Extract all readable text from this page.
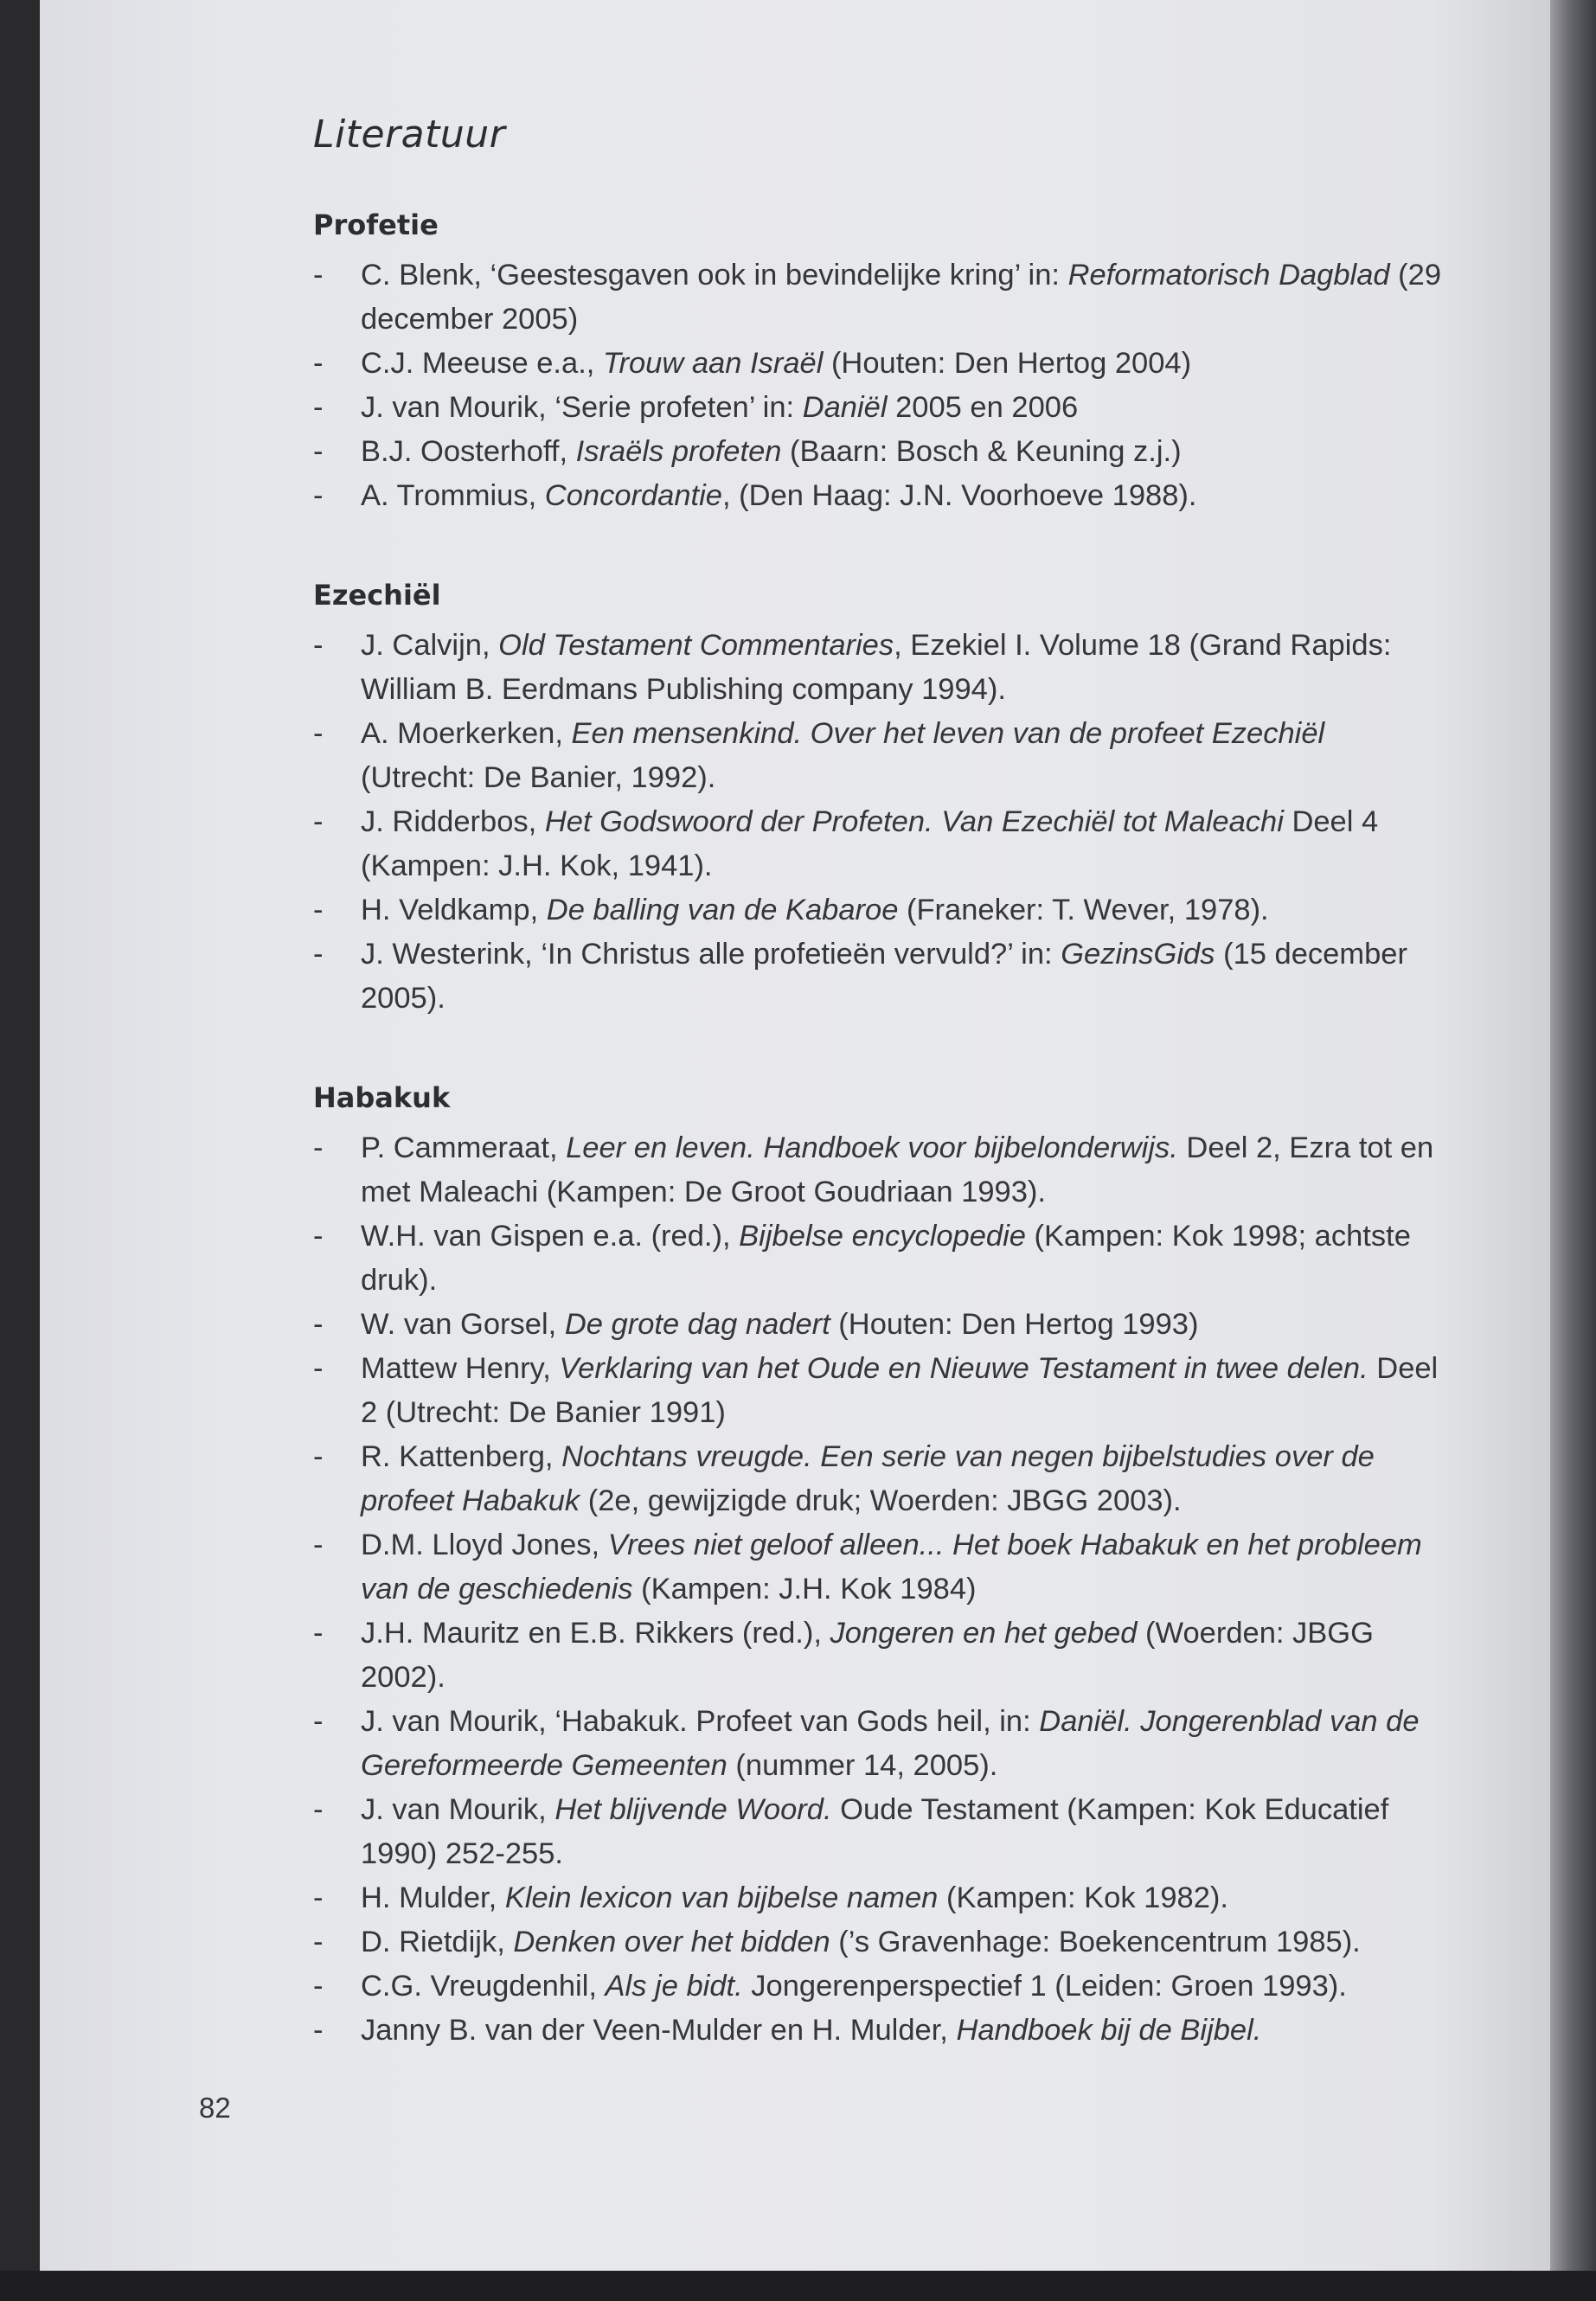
Literatuur
Profetie
- C. Blenk, ‘Geestesgaven ook in bevindelijke kring’ in: Reformatorisch Dagblad (29 december 2005)
- C.J. Meeuse e.a., Trouw aan Israël (Houten: Den Hertog 2004)
- J. van Mourik, ‘Serie profeten’ in: Daniël 2005 en 2006
- B.J. Oosterhoff, Israëls profeten (Baarn: Bosch & Keuning z.j.)
- A. Trommius, Concordantie, (Den Haag: J.N. Voorhoeve 1988).
Ezechiël
- J. Calvijn, Old Testament Commentaries, Ezekiel I. Volume 18 (Grand Rapids: William B. Eerdmans Publishing company 1994).
- A. Moerkerken, Een mensenkind. Over het leven van de profeet Ezechiël (Utrecht: De Banier, 1992).
- J. Ridderbos, Het Godswoord der Profeten. Van Ezechiël tot Maleachi Deel 4 (Kampen: J.H. Kok, 1941).
- H. Veldkamp, De balling van de Kabaroe (Franeker: T. Wever, 1978).
- J. Westerink, ‘In Christus alle profetieën vervuld?’ in: GezinsGids (15 december 2005).
Habakuk
- P. Cammeraat, Leer en leven. Handboek voor bijbelonderwijs. Deel 2, Ezra tot en met Maleachi (Kampen: De Groot Goudriaan 1993).
- W.H. van Gispen e.a. (red.), Bijbelse encyclopedie (Kampen: Kok 1998; achtste druk).
- W. van Gorsel, De grote dag nadert (Houten: Den Hertog 1993)
- Mattew Henry, Verklaring van het Oude en Nieuwe Testament in twee delen. Deel 2 (Utrecht: De Banier 1991)
- R. Kattenberg, Nochtans vreugde. Een serie van negen bijbelstudies over de profeet Habakuk (2e, gewijzigde druk; Woerden: JBGG 2003).
- D.M. Lloyd Jones, Vrees niet geloof alleen... Het boek Habakuk en het probleem van de geschiedenis (Kampen: J.H. Kok 1984)
- J.H. Mauritz en E.B. Rikkers (red.), Jongeren en het gebed (Woerden: JBGG 2002).
- J. van Mourik, ‘Habakuk. Profeet van Gods heil, in: Daniël. Jongerenblad van de Gereformeerde Gemeenten (nummer 14, 2005).
- J. van Mourik, Het blijvende Woord. Oude Testament (Kampen: Kok Educatief 1990) 252-255.
- H. Mulder, Klein lexicon van bijbelse namen (Kampen: Kok 1982).
- D. Rietdijk, Denken over het bidden (’s Gravenhage: Boekencentrum 1985).
- C.G. Vreugdenhil, Als je bidt. Jongerenperspectief 1 (Leiden: Groen 1993).
- Janny B. van der Veen-Mulder en H. Mulder, Handboek bij de Bijbel.
82
